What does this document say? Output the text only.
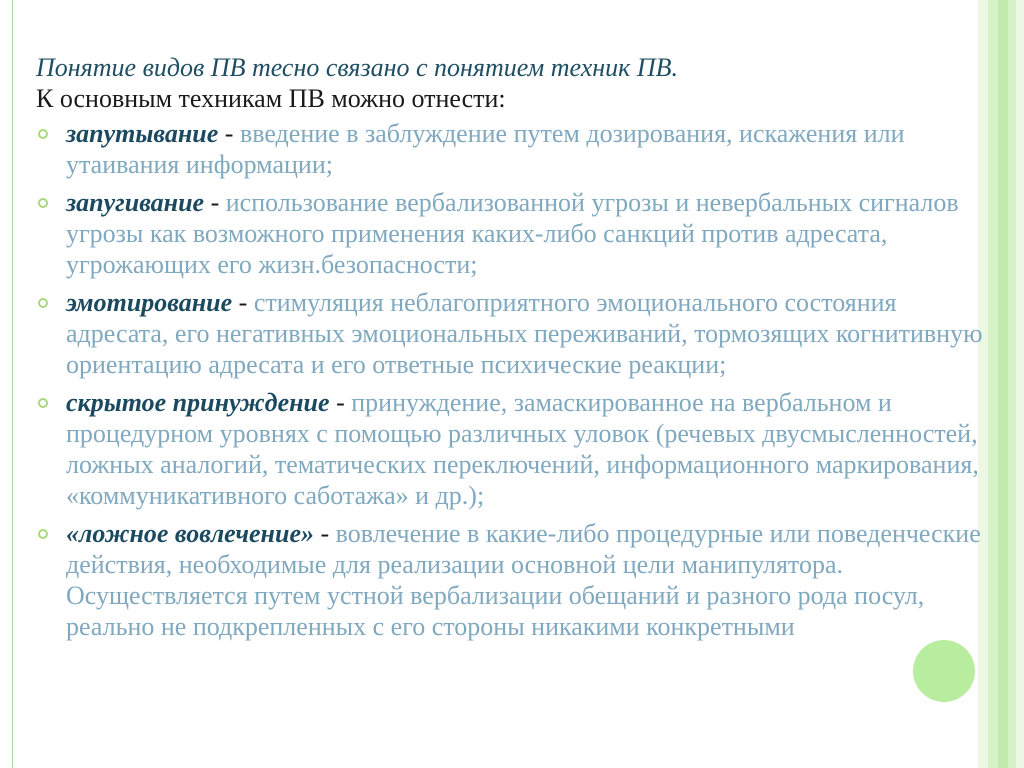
Понятие видов ПВ тесно связано с понятием техник ПВ.

К основным техникам ПВ можно отнести:

запутывание - введение в заблуждение путем дозирования, искажения или утаивания информации;
запугивание - использование вербализованной угрозы и невербальных сигналов угрозы как возможного применения каких-либо санкций против адресата, угрожающих его жизн.безопасности;
эмотирование - стимуляция неблагоприятного эмоционального состояния адресата, его негативных эмоциональных переживаний, тормозящих когнитивную ориентацию адресата и его ответные психические реакции;
скрытое принуждение - принуждение, замаскированное на вербальном и процедурном уровнях с помощью различных уловок (речевых двусмысленностей, ложных аналогий, тематических переключений, информационного маркирования, «коммуникативного саботажа» и др.);
«ложное вовлечение» - вовлечение в какие-либо процедурные или поведенческие действия, необходимые для реализации основной цели манипулятора. Осуществляется путем устной вербализации обещаний и разного рода посул, реально не подкрепленных с его стороны никакими конкретными
